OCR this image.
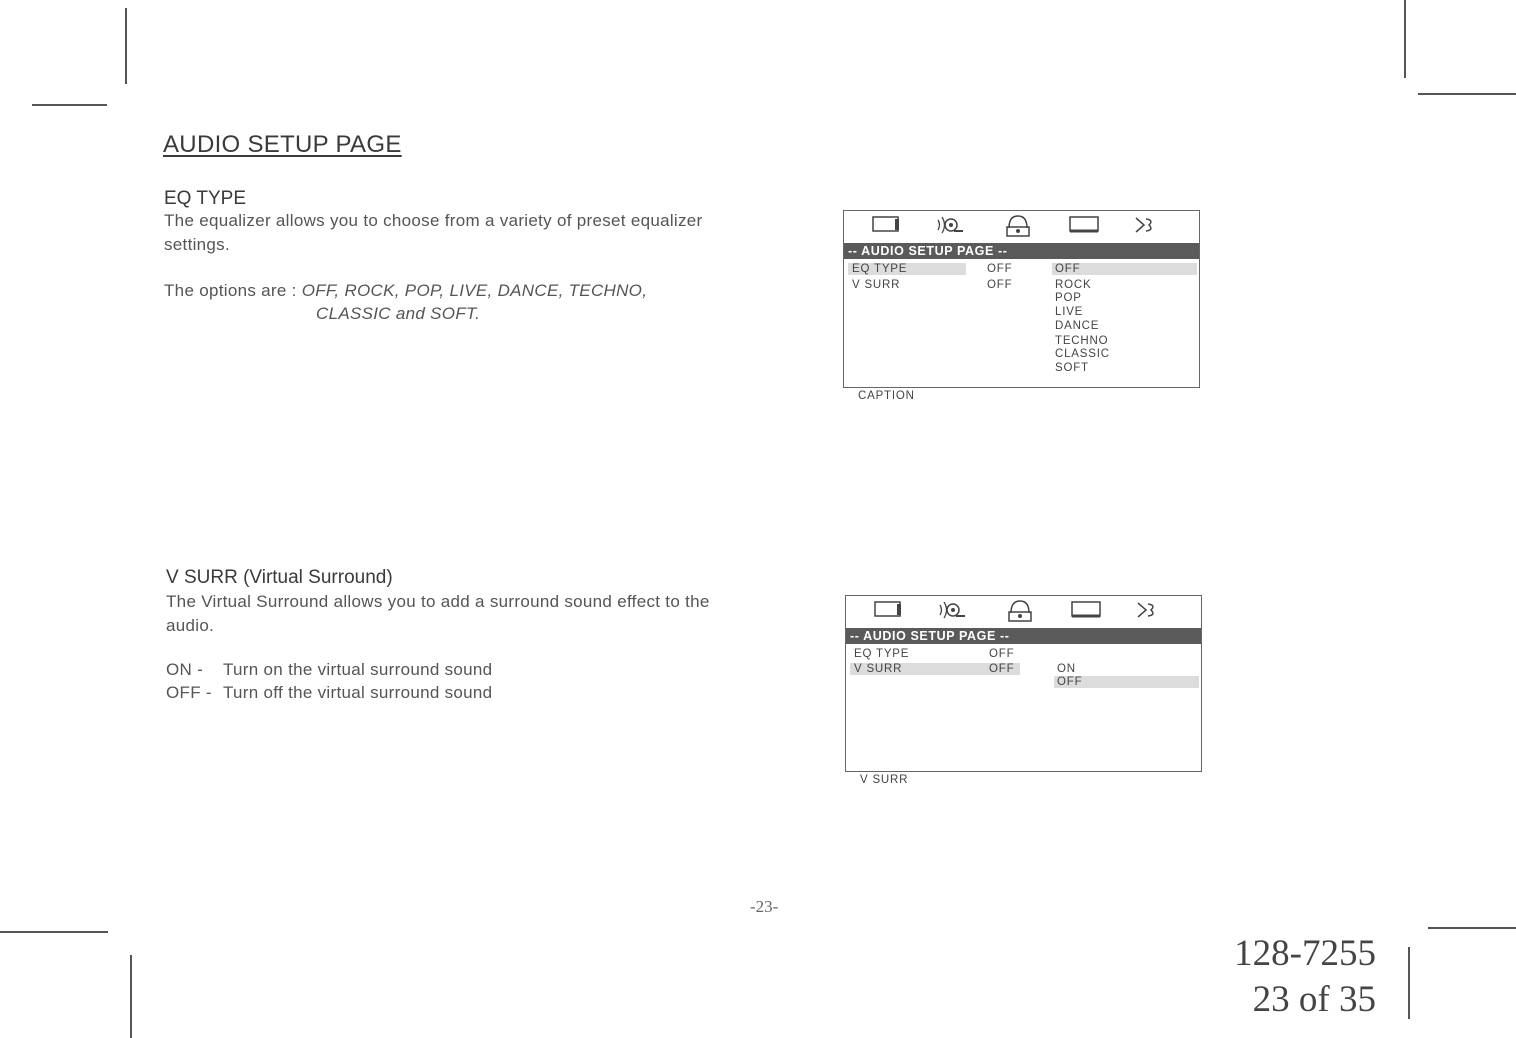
AUDIO SETUP PAGE
EQ TYPE
The equalizer allows you to choose from a variety of preset equalizer
settings.
The options are : OFF, ROCK, POP, LIVE, DANCE, TECHNO,
CLASSIC and SOFT.
-- AUDIO SETUP PAGE --
EQ TYPE	OFF
V SURR	OFF
OFF
ROCK
POP
LIVE
DANCE
TECHNO
CLASSIC
SOFT
CAPTION
V SURR (Virtual Surround)
The Virtual Surround allows you to add a surround sound effect to the
audio.
ON - Turn on the virtual surround sound
OFF - Turn off the virtual surround sound
-- AUDIO SETUP PAGE --
EQ TYPE	OFF
V SURR	OFF	ON
OFF
V SURR
-23-
128-7255
23 of 35
